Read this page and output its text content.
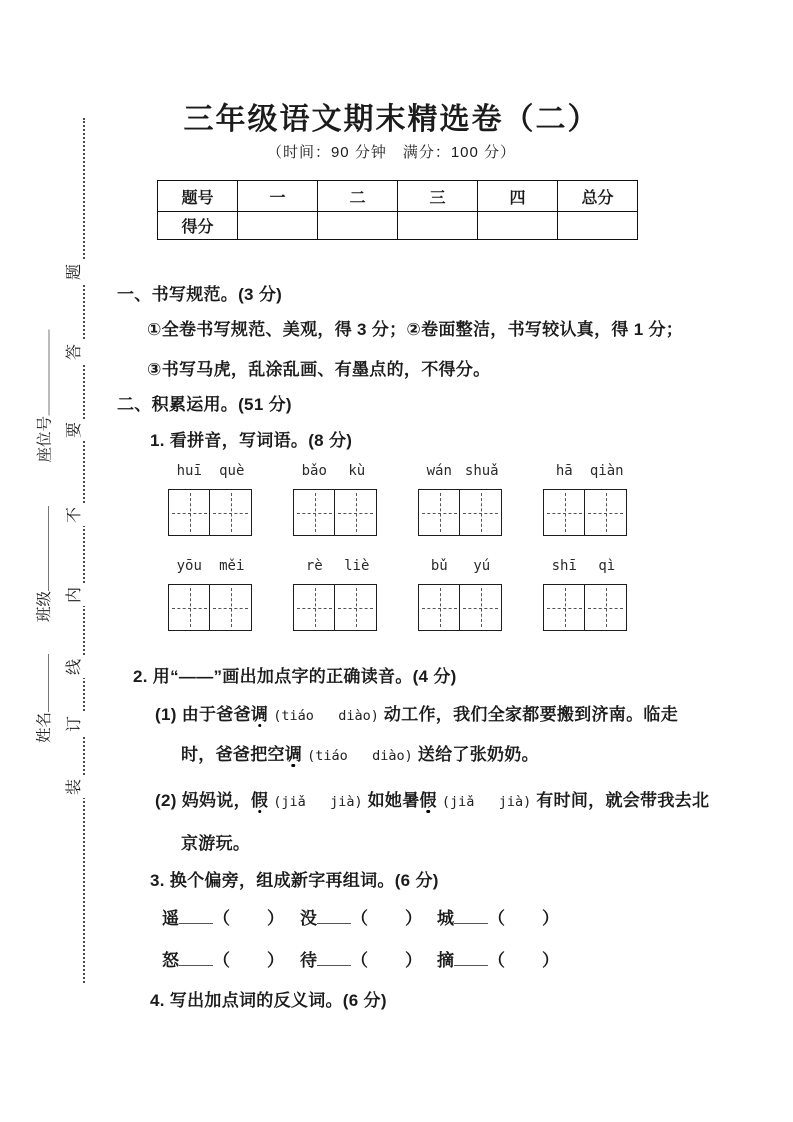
题
答
要
不
内
线
订
装
座位号
班级
姓名
三年级语文期末精选卷（二）
（时间：90 分钟　满分：100 分）
题号	一	二	三	四	总分
得分					
一、书写规范。(3 分)
①全卷书写规范、美观，得 3 分；②卷面整洁，书写较认真，得 1 分；
③书写马虎，乱涂乱画、有墨点的，不得分。
二、积累运用。(51 分)
1. 看拼音，写词语。(8 分)
huī	què	bǎo	kù	wán shuǎ	hā	qiàn
yōu	měi	rè	liè	bǔ	yú	shī	qì
2. 用“——”画出加点字的正确读音。(4 分)
(1) 由于爸爸调 (tiáo   diào) 动工作，我们全家都要搬到济南。临走
时，爸爸把空调 (tiáo   diào) 送给了张奶奶。
(2) 妈妈说，假 (jiǎ   jià) 如她暑假 (jiǎ   jià) 有时间，就会带我去北
京游玩。
3. 换个偏旁，组成新字再组词。(6 分)
遥 （　　） 没 （　　） 城 （　　）
怒 （　　） 待 （　　） 摘 （　　）
4. 写出加点词的反义词。(6 分)
